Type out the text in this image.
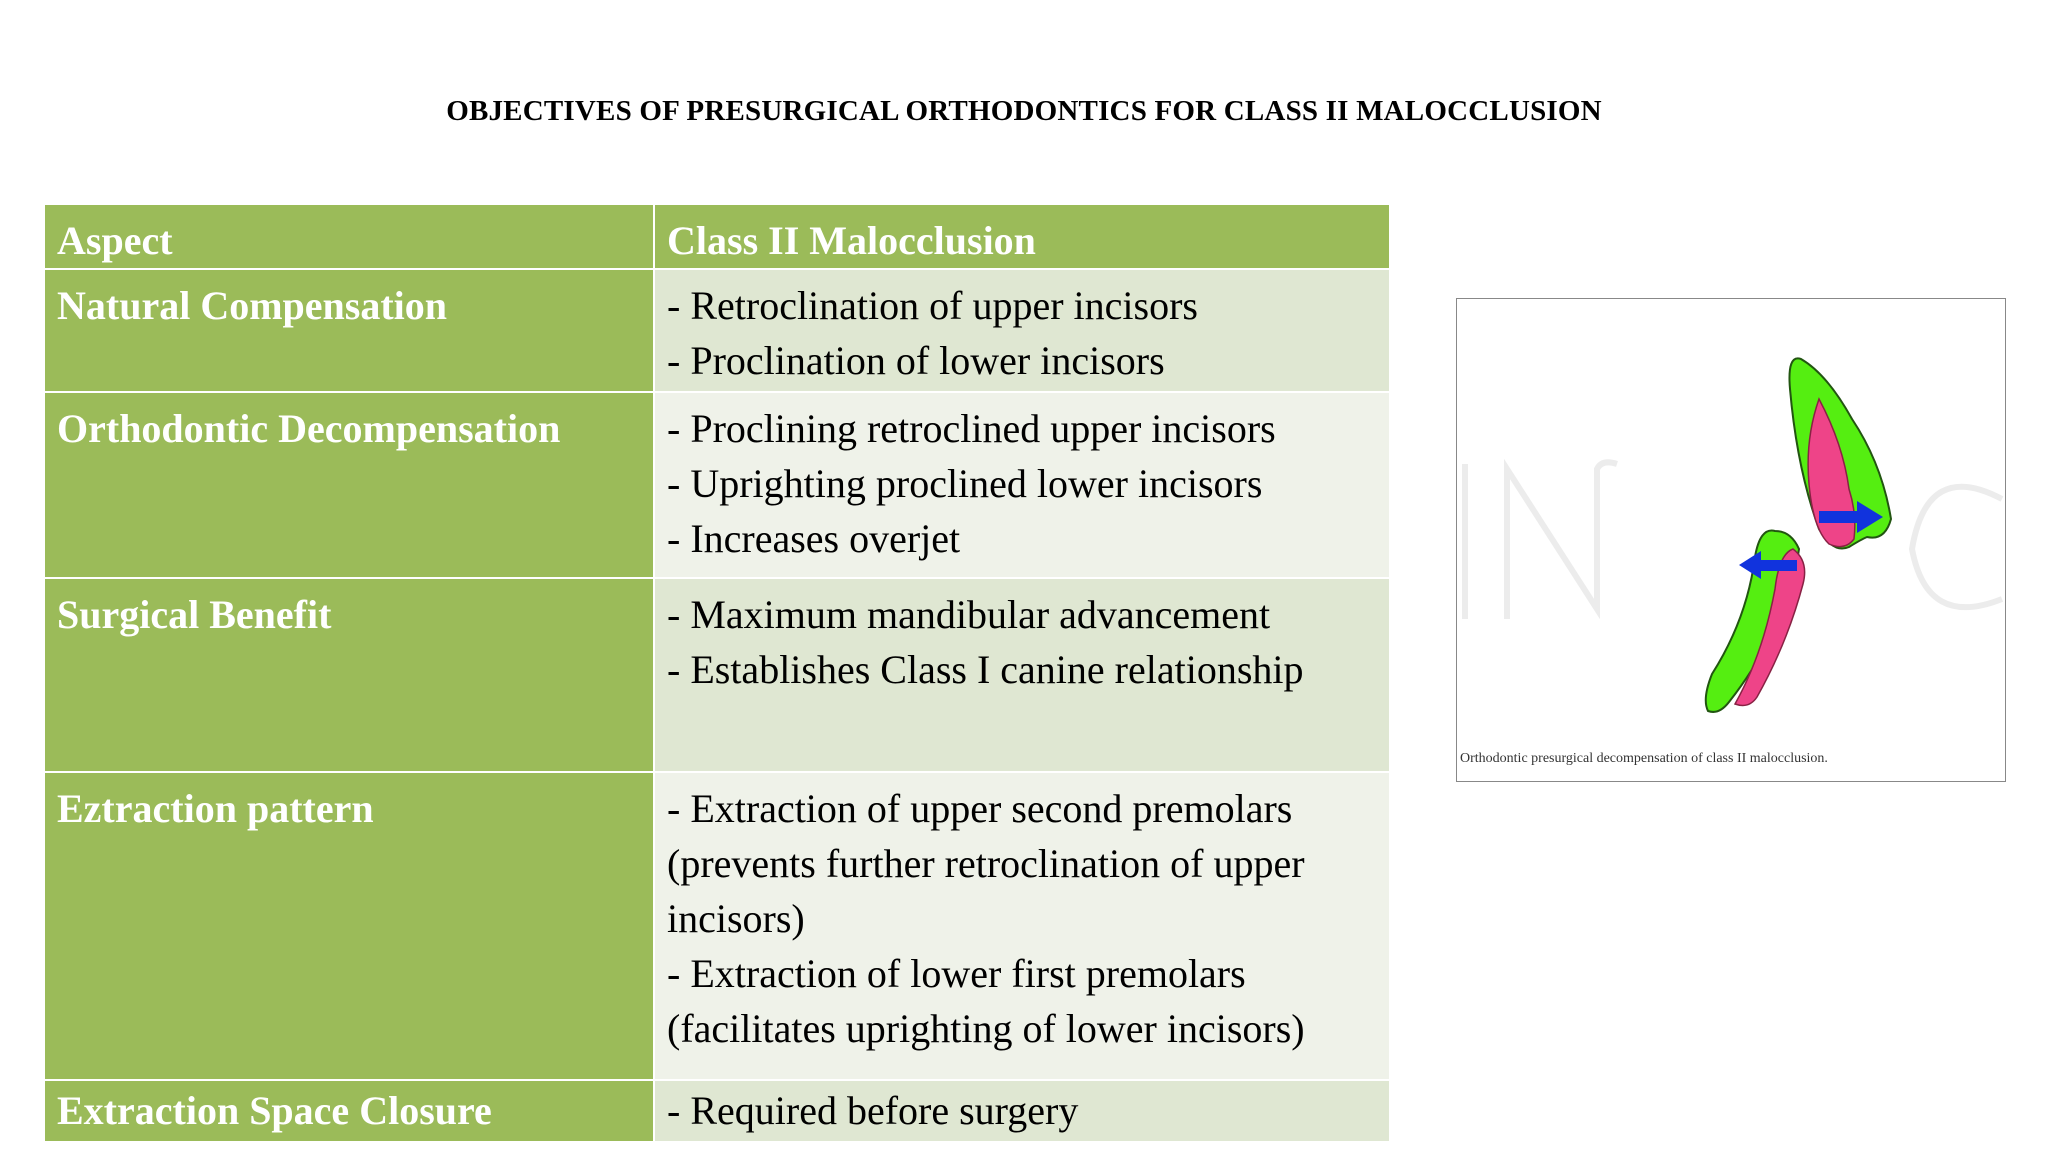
OBJECTIVES OF PRESURGICAL ORTHODONTICS FOR CLASS II MALOCCLUSION
Aspect	Class II Malocclusion
Natural Compensation	- Retroclination of upper incisors
- Proclination of lower incisors

Orthodontic Decompensation	- Proclining retroclined upper incisors
- Uprighting proclined lower incisors
- Increases overjet

Surgical Benefit	- Maximum mandibular advancement
- Establishes Class I canine relationship

Eztraction pattern	- Extraction of upper second premolars
(prevents further retroclination of upper
incisors)
- Extraction of lower first premolars
(facilitates uprighting of lower incisors)

Extraction Space Closure	- Required before surgery
Orthodontic presurgical decompensation of class II malocclusion.
